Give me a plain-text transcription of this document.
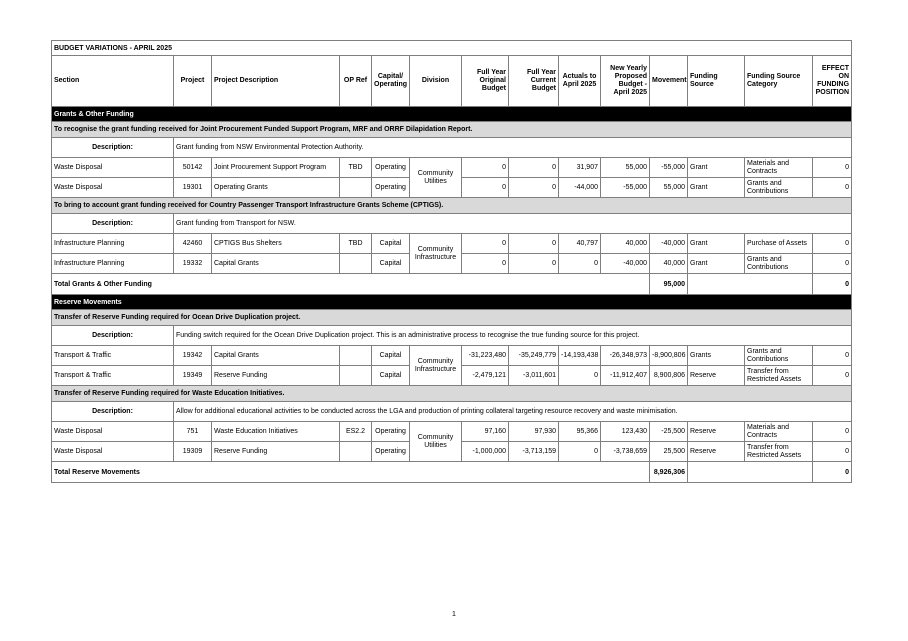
BUDGET VARIATIONS - APRIL 2025													
Section	Project	Project Description	OP Ref	Capital/ Operating	Division	Full Year Original Budget	Full Year Current Budget	Actuals to April 2025	New Yearly Proposed Budget - April 2025	Movement	Funding Source	Funding Source Category	EFFECT ON FUNDING POSITION
Grants & Other Funding													
To recognise the grant funding received for Joint Procurement Funded Support Program, MRF and ORRF Dilapidation Report.													
Description:	Grant funding from NSW Environmental Protection Authority.												
Waste Disposal	50142	Joint Procurement Support Program	TBD	Operating	Community Utilities	0	0	31,907	55,000	-55,000	Grant	Materials and Contracts	0
Waste Disposal	19301	Operating Grants		Operating		0	0	-44,000	-55,000	55,000	Grant	Grants and Contributions	0
To bring to account grant funding received for Country Passenger Transport Infrastructure Grants Scheme (CPTIGS).													
Description:	Grant funding from Transport for NSW.												
Infrastructure Planning	42460	CPTIGS Bus Shelters	TBD	Capital	Community Infrastructure	0	0	40,797	40,000	-40,000	Grant	Purchase of Assets	0
Infrastructure Planning	19332	Capital Grants		Capital		0	0	0	-40,000	40,000	Grant	Grants and Contributions	0
Total Grants & Other Funding										95,000			0
Reserve Movements													
Transfer of Reserve Funding required for Ocean Drive Duplication project.													
Description:	Funding switch required for the Ocean Drive Duplication project. This is an administrative process to recognise the true funding source for this project.												
Transport & Traffic	19342	Capital Grants		Capital	Community Infrastructure	-31,223,480	-35,249,779	-14,193,438	-26,348,973	-8,900,806	Grants	Grants and Contributions	0
Transport & Traffic	19349	Reserve Funding		Capital		-2,479,121	-3,011,601	0	-11,912,407	8,900,806	Reserve	Transfer from Restricted Assets	0
Transfer of Reserve Funding required for Waste Education Initiatives.													
Description:	Allow for additional educational activities to be conducted across the LGA and production of printing collateral targeting resource recovery and waste minimisation.												
Waste Disposal	751	Waste Education Initiatives	ES2.2	Operating	Community Utilities	97,160	97,930	95,366	123,430	-25,500	Reserve	Materials and Contracts	0
Waste Disposal	19309	Reserve Funding		Operating		-1,000,000	-3,713,159	0	-3,738,659	25,500	Reserve	Transfer from Restricted Assets	0
Total Reserve Movements										8,926,306			0
1
